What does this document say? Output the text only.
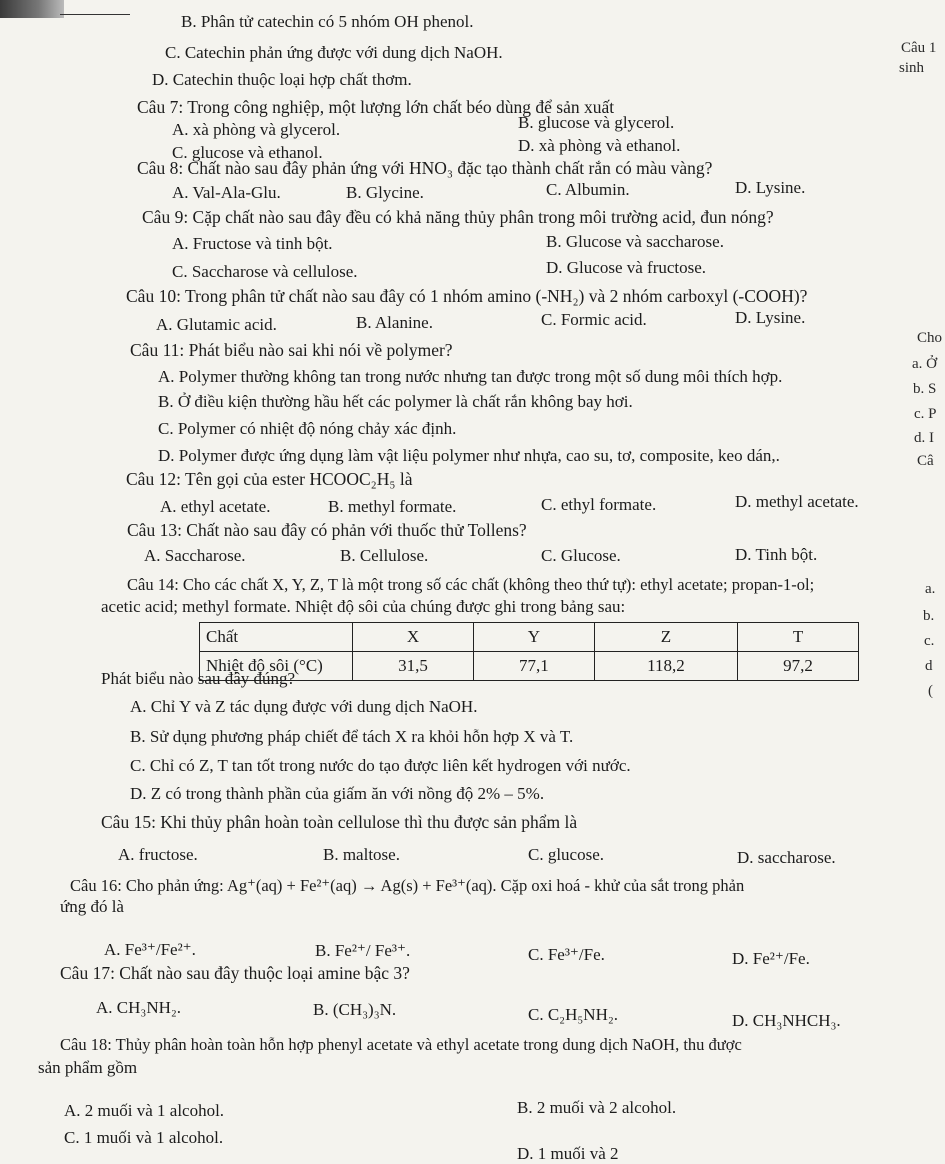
B. Phân tử catechin có 5 nhóm OH phenol.
C. Catechin phản ứng được với dung dịch NaOH.
D. Catechin thuộc loại hợp chất thơm.
Câu 7: Trong công nghiệp, một lượng lớn chất béo dùng để sản xuất
A. xà phòng và glycerol.	B. glucose và glycerol.
C. glucose và ethanol.	D. xà phòng và ethanol.
Câu 8: Chất nào sau đây phản ứng với HNO₃ đặc tạo thành chất rắn có màu vàng?
A. Val-Ala-Glu.	B. Glycine.	C. Albumin.	D. Lysine.
Câu 9: Cặp chất nào sau đây đều có khả năng thủy phân trong môi trường acid, đun nóng?
A. Fructose và tinh bột.	B. Glucose và saccharose.
C. Saccharose và cellulose.	D. Glucose và fructose.
Câu 10: Trong phân tử chất nào sau đây có 1 nhóm amino (-NH₂) và 2 nhóm carboxyl (-COOH)?
A. Glutamic acid.	B. Alanine.	C. Formic acid.	D. Lysine.
Câu 11: Phát biểu nào sai khi nói về polymer?
A. Polymer thường không tan trong nước nhưng tan được trong một số dung môi thích hợp.
B. Ở điều kiện thường hầu hết các polymer là chất rắn không bay hơi.
C. Polymer có nhiệt độ nóng chảy xác định.
D. Polymer được ứng dụng làm vật liệu polymer như nhựa, cao su, tơ, composite, keo dán,.
Câu 12: Tên gọi của ester HCOOC₂H₅ là
A. ethyl acetate.	B. methyl formate.	C. ethyl formate.	D. methyl acetate.
Câu 13: Chất nào sau đây có phản với thuốc thử Tollens?
A. Saccharose.	B. Cellulose.	C. Glucose.	D. Tinh bột.
Câu 14: Cho các chất X, Y, Z, T là một trong số các chất (không theo thứ tự): ethyl acetate; propan-1-ol;
acetic acid; methyl formate. Nhiệt độ sôi của chúng được ghi trong bảng sau:
Chất	X	Y	Z	T
Nhiệt độ sôi (°C)	31,5	77,1	118,2	97,2
Phát biểu nào sau đây đúng?
A. Chỉ Y và Z tác dụng được với dung dịch NaOH.
B. Sử dụng phương pháp chiết để tách X ra khỏi hỗn hợp X và T.
C. Chỉ có Z, T tan tốt trong nước do tạo được liên kết hydrogen với nước.
D. Z có trong thành phần của giấm ăn với nồng độ 2% – 5%.
Câu 15: Khi thủy phân hoàn toàn cellulose thì thu được sản phẩm là
A. fructose.	B. maltose.	C. glucose.	D. saccharose.
Câu 16: Cho phản ứng: Ag⁺(aq) + Fe²⁺(aq) → Ag(s) + Fe³⁺(aq). Cặp oxi hoá - khử của sắt trong phản
ứng đó là
A. Fe³⁺/Fe²⁺.	B. Fe²⁺/ Fe³⁺.	C. Fe³⁺/Fe.	D. Fe²⁺/Fe.
Câu 17: Chất nào sau đây thuộc loại amine bậc 3?
A. CH₃NH₂.	B. (CH₃)₃N.	C. C₂H₅NH₂.	D. CH₃NHCH₃.
Câu 18: Thủy phân hoàn toàn hỗn hợp phenyl acetate và ethyl acetate trong dung dịch NaOH, thu được
sản phẩm gồm
A. 2 muối và 1 alcohol.	B. 2 muối và 2 alcohol.
C. 1 muối và 1 alcohol.
D. 1 muối và 2
Câu 1
sinh
Cho
a. Ở
b. S
c. P
d. I
Câ
a.
b.
c.
d
(
